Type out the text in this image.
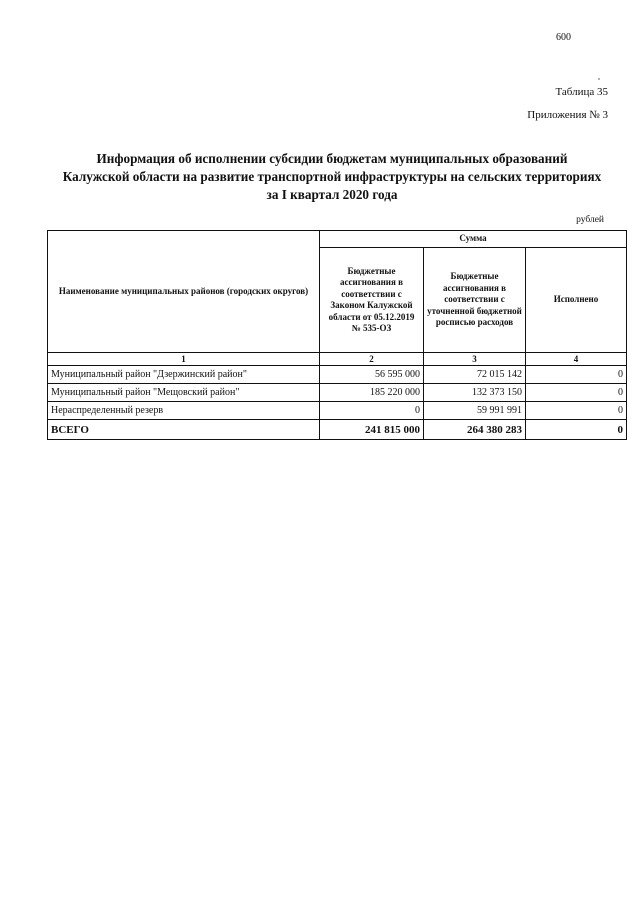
600
Таблица 35
Приложения № 3
Информация об исполнении субсидии бюджетам муниципальных образований
Калужской области на развитие транспортной инфраструктуры на сельских территориях
за I квартал 2020 года
рублей
Наименование муниципальных районов (городских округов)	Сумма		
	Бюджетные ассигнования в соответствии с Законом Калужской области от 05.12.2019 № 535-ОЗ	Бюджетные ассигнования в соответствии с уточненной бюджетной росписью расходов	Исполнено
1	2	3	4
Муниципальный район "Дзержинский район"	56 595 000	72 015 142	0
Муниципальный район "Мещовский район"	185 220 000	132 373 150	0
Нераспределенный резерв	0	59 991 991	0
ВСЕГО	241 815 000	264 380 283	0
